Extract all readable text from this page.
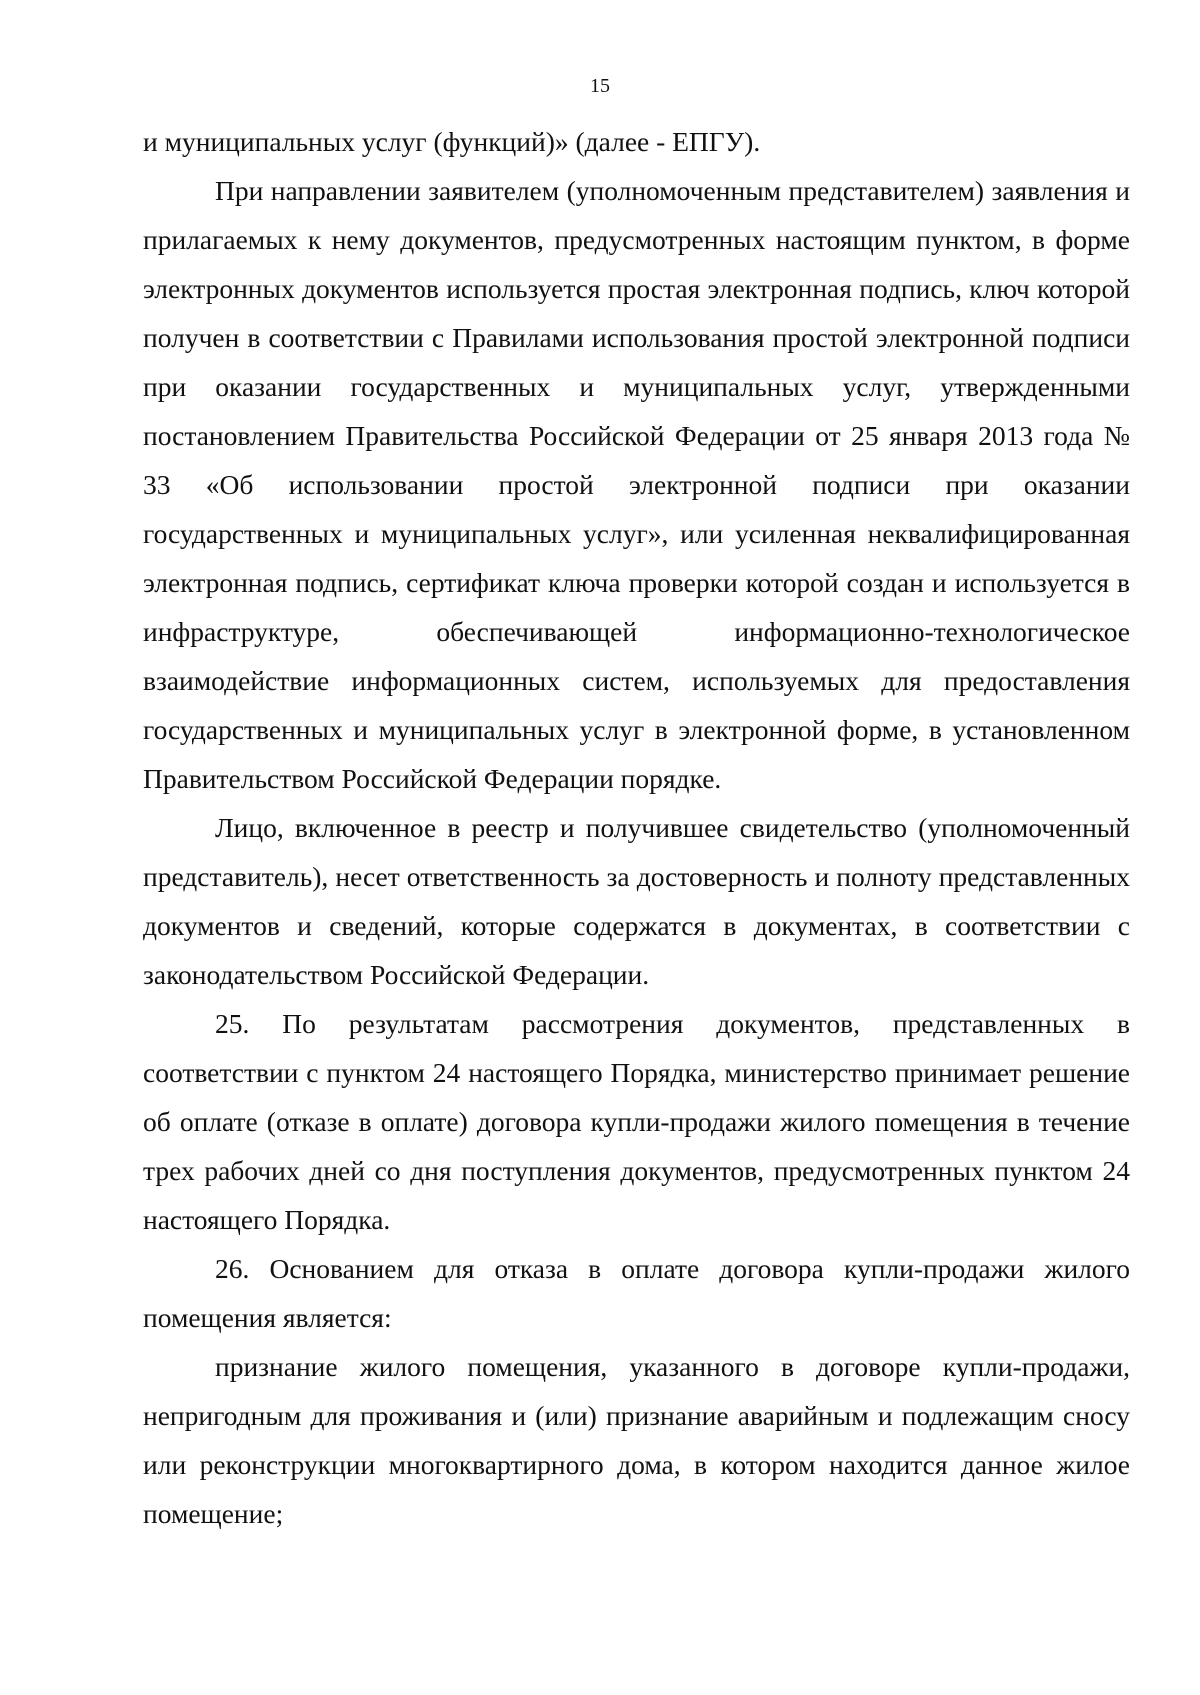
15

и муниципальных услуг (функций)» (далее - ЕПГУ).

При направлении заявителем (уполномоченным представителем) заявления и прилагаемых к нему документов, предусмотренных настоящим пунктом, в форме электронных документов используется простая электронная подпись, ключ которой получен в соответствии с Правилами использования простой электронной подписи при оказании государственных и муниципальных услуг, утвержденными постановлением Правительства Российской Федерации от 25 января 2013 года № 33 «Об использовании простой электронной подписи при оказании государственных и муниципальных услуг», или усиленная неквалифицированная электронная подпись, сертификат ключа проверки которой создан и используется в инфраструктуре, обеспечивающей информационно-технологическое взаимодействие информационных систем, используемых для предоставления государственных и муниципальных услуг в электронной форме, в установленном Правительством Российской Федерации порядке.

Лицо, включенное в реестр и получившее свидетельство (уполномоченный представитель), несет ответственность за достоверность и полноту представленных документов и сведений, которые содержатся в документах, в соответствии с законодательством Российской Федерации.

25. По результатам рассмотрения документов, представленных в соответствии с пунктом 24 настоящего Порядка, министерство принимает решение об оплате (отказе в оплате) договора купли-продажи жилого помещения в течение трех рабочих дней со дня поступления документов, предусмотренных пунктом 24 настоящего Порядка.

26. Основанием для отказа в оплате договора купли-продажи жилого помещения является:

признание жилого помещения, указанного в договоре купли-продажи, непригодным для проживания и (или) признание аварийным и подлежащим сносу или реконструкции многоквартирного дома, в котором находится данное жилое помещение;
